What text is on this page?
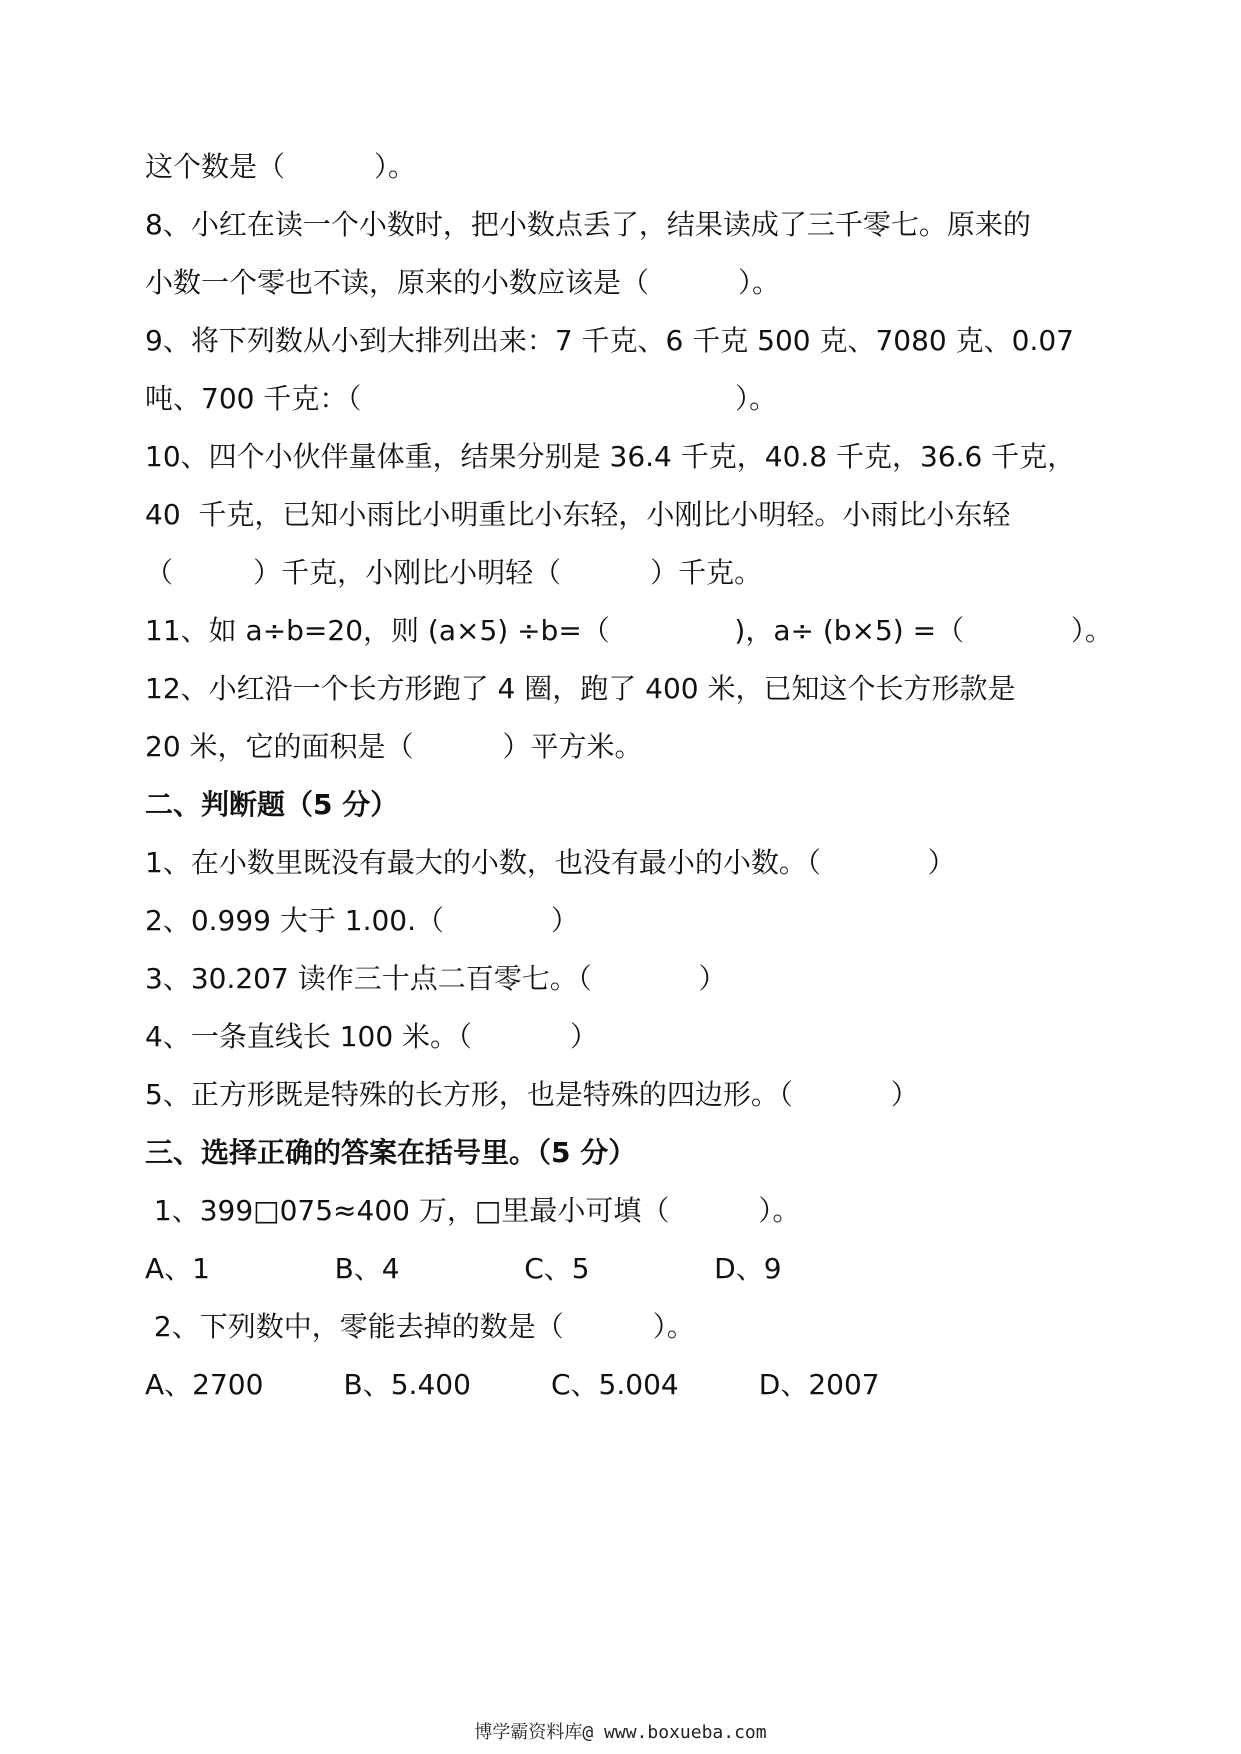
这个数是（          ）。
8、小红在读一个小数时，把小数点丢了，结果读成了三千零七。原来的
小数一个零也不读，原来的小数应该是（          ）。
9、将下列数从小到大排列出来：7 千克、6 千克 500 克、7080 克、0.07
吨、700 千克：（                                          ）。
10、四个小伙伴量体重，结果分别是 36.4 千克，40.8 千克，36.6 千克，
40  千克，已知小雨比小明重比小东轻，小刚比小明轻。小雨比小东轻
（         ）千克，小刚比小明轻（          ）千克。
11、如 a÷b=20，则 (a×5) ÷b=（              )，a÷ (b×5) =（            ）。
12、小红沿一个长方形跑了 4 圈，跑了 400 米，已知这个长方形款是
20 米，它的面积是（          ）平方米。
二、判断题（5 分）
1、在小数里既没有最大的小数，也没有最小的小数。（            ）
2、0.999 大于 1.00.（            ）
3、30.207 读作三十点二百零七。（            ）
4、一条直线长 100 米。（           ）
5、正方形既是特殊的长方形，也是特殊的四边形。（           ）
三、选择正确的答案在括号里。（5 分）
1、399□075≈400 万，□里最小可填（          ）。
A、1              B、4              C、5              D、9
2、下列数中，零能去掉的数是（          ）。
A、2700         B、5.400         C、5.004         D、2007
博学霸资料库@ www.boxueba.com
